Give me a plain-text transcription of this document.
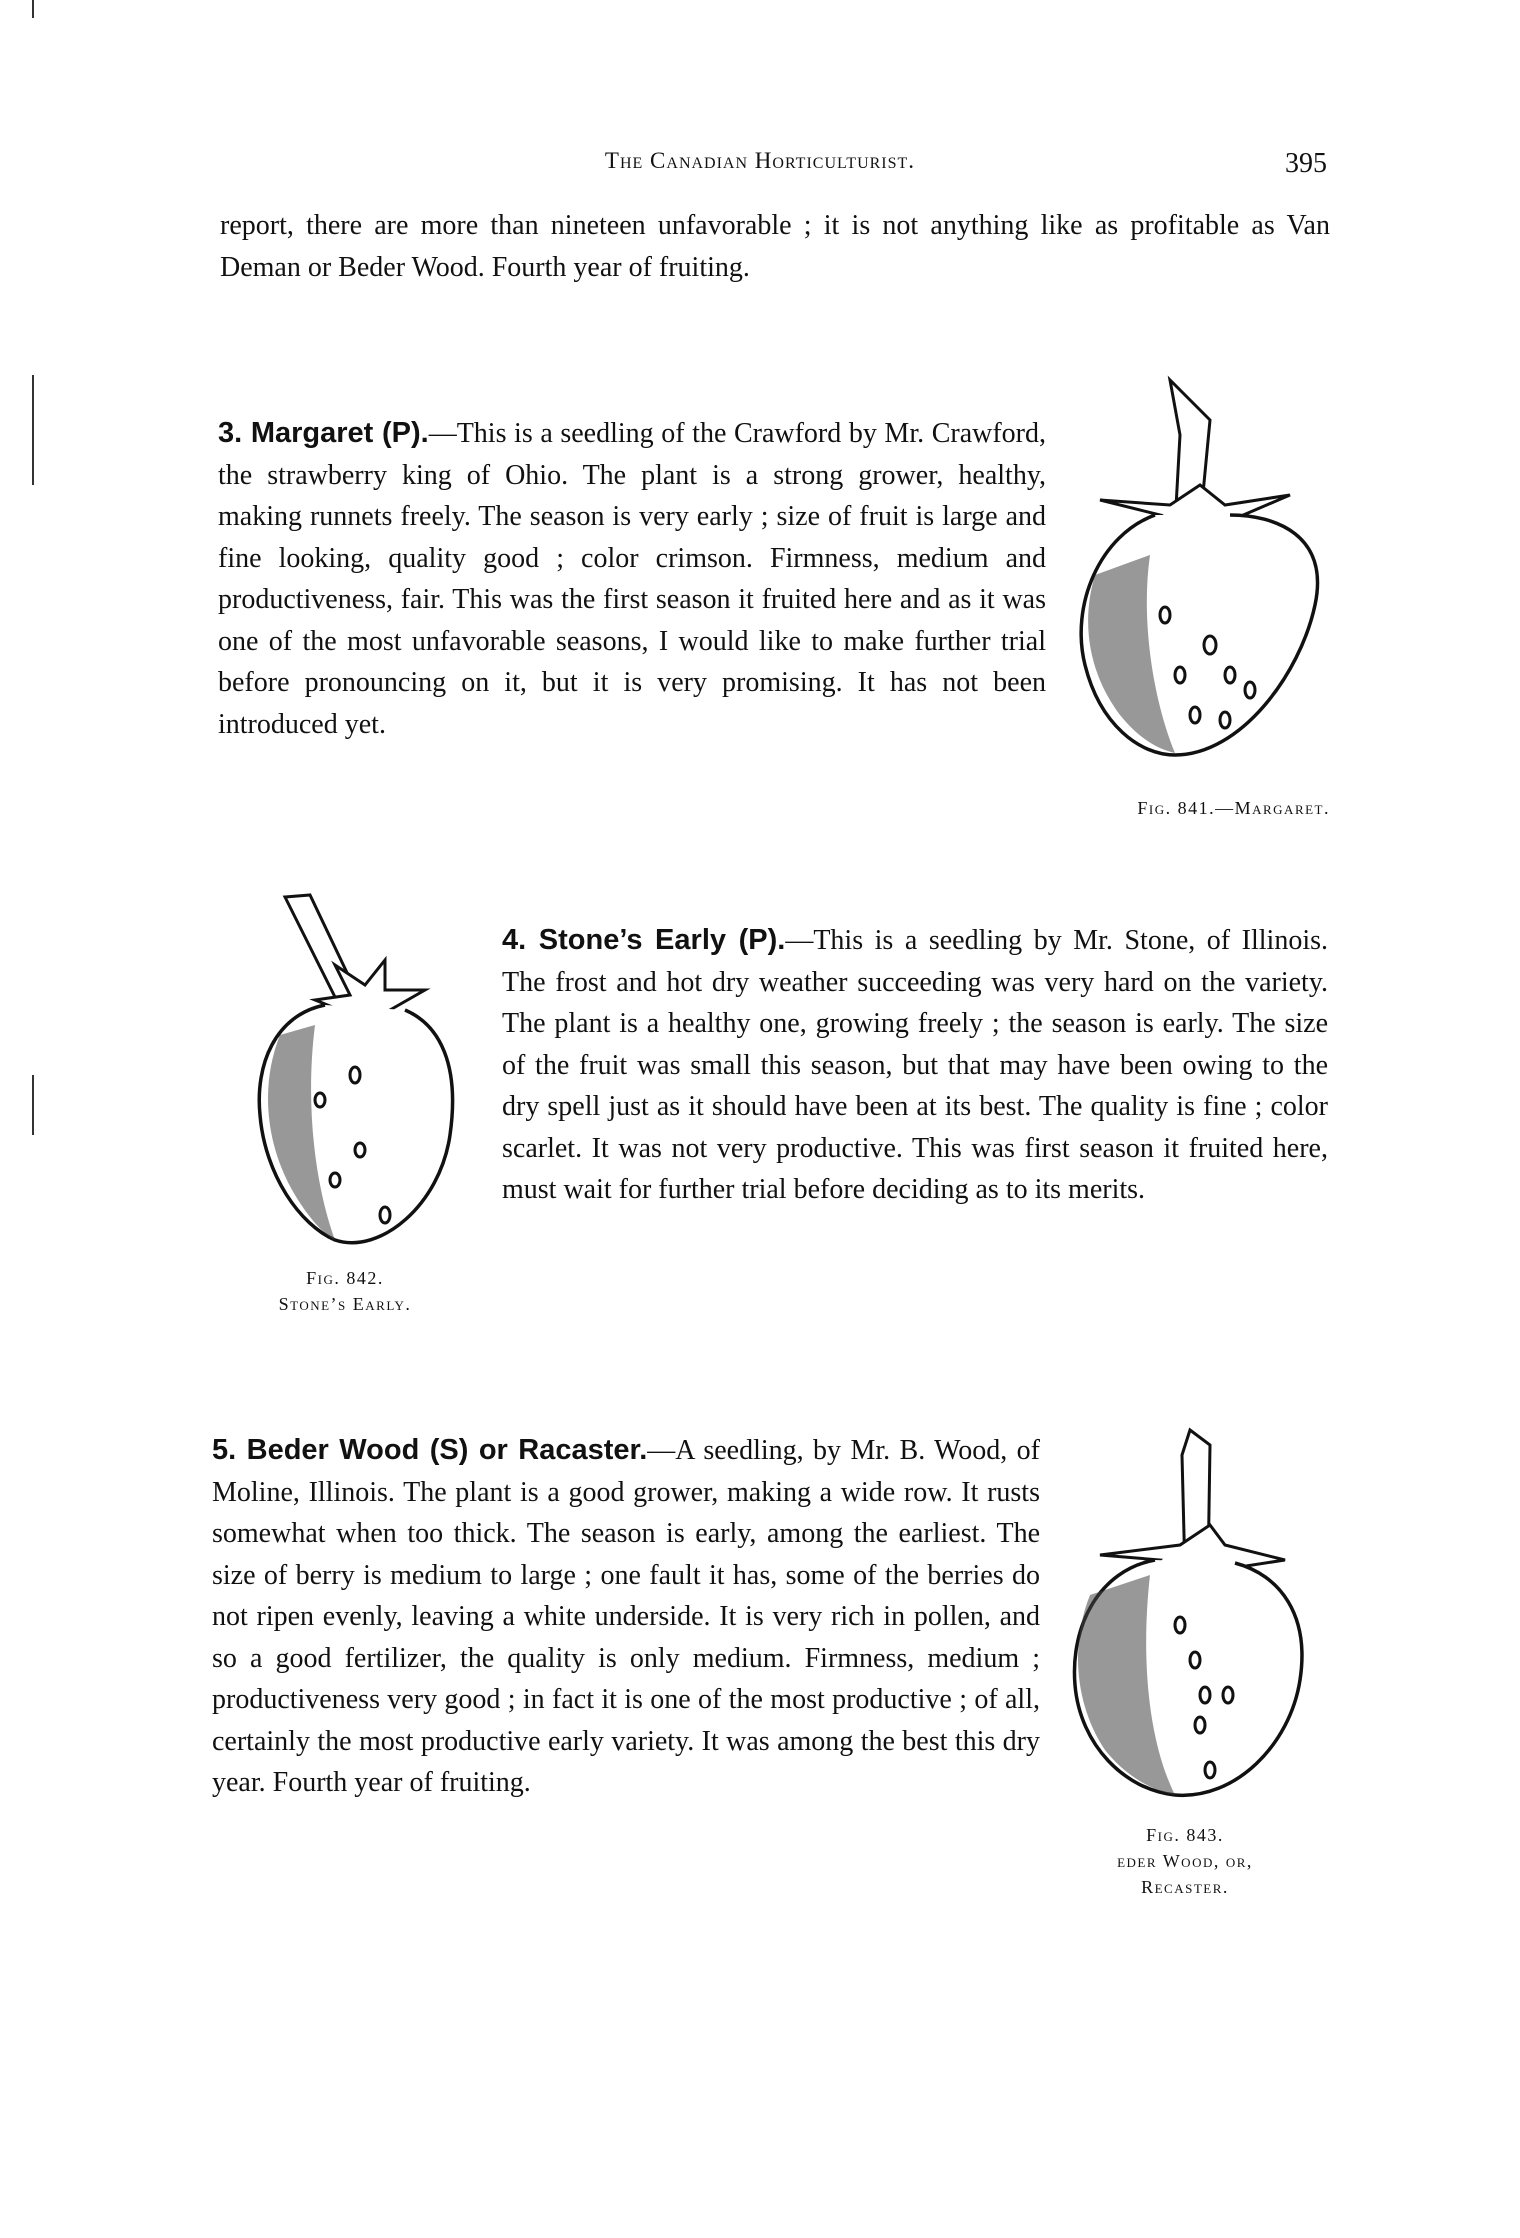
The Canadian Horticulturist.	395

report, there are more than nineteen unfavorable ; it is not anything like as profitable as Van Deman or Beder Wood. Fourth year of fruiting.

3. Margaret (P).—This is a seedling of the Crawford by Mr. Crawford, the strawberry king of Ohio. The plant is a strong grower, healthy, making runnets freely. The season is very early ; size of fruit is large and fine looking, quality good ; color crimson. Firmness, medium and productiveness, fair. This was the first season it fruited here and as it was one of the most unfavorable seasons, I would like to make further trial before pronouncing on it, but it is very promising. It has not been introduced yet.

Fig. 841.—Margaret.
Fig. 842.
Stone’s Early.

4. Stone’s Early (P).—This is a seedling by Mr. Stone, of Illinois. The frost and hot dry weather succeeding was very hard on the variety. The plant is a healthy one, growing freely ; the season is early. The size of the fruit was small this season, but that may have been owing to the dry spell just as it should have been at its best. The quality is fine ; color scarlet. It was not very productive. This was first season it fruited here, must wait for further trial before deciding as to its merits.

5. Beder Wood (S) or Racaster.—A seedling, by Mr. B. Wood, of Moline, Illinois. The plant is a good grower, making a wide row. It rusts somewhat when too thick. The season is early, among the earliest. The size of berry is medium to large ; one fault it has, some of the berries do not ripen evenly, leaving a white underside. It is very rich in pollen, and so a good fertilizer, the quality is only medium. Firmness, medium ; productiveness very good ; in fact it is one of the most productive ; of all, certainly the most productive early variety. It was among the best this dry year. Fourth year of fruiting.

Fig. 843.
eder Wood, or,
Recaster.
